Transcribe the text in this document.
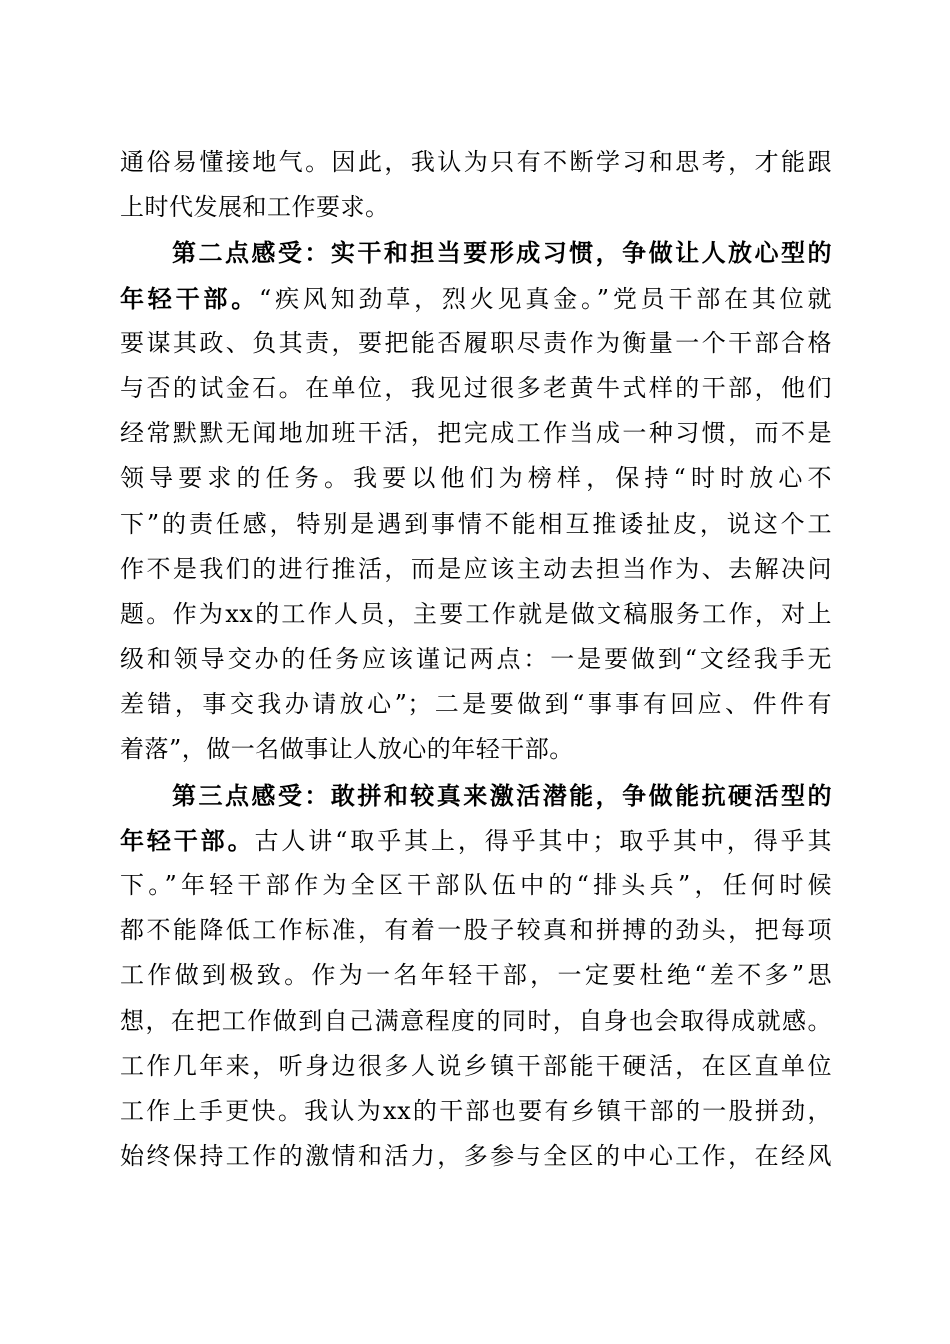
通俗易懂接地气。因此，我认为只有不断学习和思考，才能跟
上时代发展和工作要求。
第二点感受：实干和担当要形成习惯，争做让人放心型的
年轻干部。“疾风知劲草，烈火见真金。”党员干部在其位就
要谋其政、负其责，要把能否履职尽责作为衡量一个干部合格
与否的试金石。在单位，我见过很多老黄牛式样的干部，他们
经常默默无闻地加班干活，把完成工作当成一种习惯，而不是
领导要求的任务。我要以他们为榜样，保持“时时放心不
下”的责任感，特别是遇到事情不能相互推诿扯皮，说这个工
作不是我们的进行推活，而是应该主动去担当作为、去解决问
题。作为xx的工作人员，主要工作就是做文稿服务工作，对上
级和领导交办的任务应该谨记两点：一是要做到“文经我手无
差错，事交我办请放心”；二是要做到“事事有回应、件件有
着落”，做一名做事让人放心的年轻干部。
第三点感受：敢拼和较真来激活潜能，争做能抗硬活型的
年轻干部。古人讲“取乎其上，得乎其中；取乎其中，得乎其
下。”年轻干部作为全区干部队伍中的“排头兵”，任何时候
都不能降低工作标准，有着一股子较真和拼搏的劲头，把每项
工作做到极致。作为一名年轻干部，一定要杜绝“差不多”思
想，在把工作做到自己满意程度的同时，自身也会取得成就感。
工作几年来，听身边很多人说乡镇干部能干硬活，在区直单位
工作上手更快。我认为xx的干部也要有乡镇干部的一股拼劲，
始终保持工作的激情和活力，多参与全区的中心工作，在经风
